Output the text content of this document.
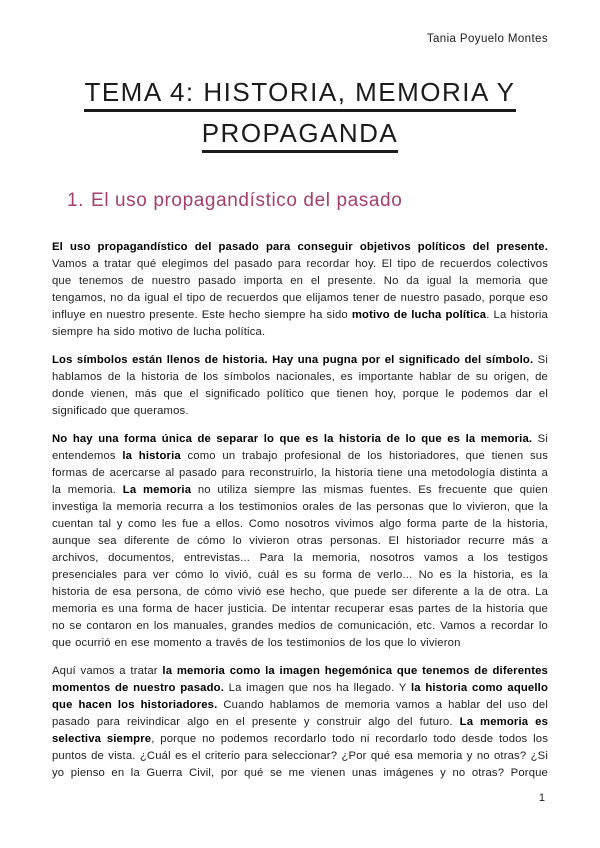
Tania Poyuelo Montes
TEMA 4: HISTORIA, MEMORIA Y
PROPAGANDA
1. El uso propagandístico del pasado

El uso propagandístico del pasado para conseguir objetivos políticos del presente. Vamos a tratar qué elegimos del pasado para recordar hoy. El tipo de recuerdos colectivos que tenemos de nuestro pasado importa en el presente. No da igual la memoria que tengamos, no da igual el tipo de recuerdos que elijamos tener de nuestro pasado, porque eso influye en nuestro presente. Este hecho siempre ha sido motivo de lucha política. La historia siempre ha sido motivo de lucha política.

Los símbolos están llenos de historia. Hay una pugna por el significado del símbolo. Si hablamos de la historia de los símbolos nacionales, es importante hablar de su origen, de donde vienen, más que el significado político que tienen hoy, porque le podemos dar el significado que queramos.

No hay una forma única de separar lo que es la historia de lo que es la memoria. Si entendemos la historia como un trabajo profesional de los historiadores, que tienen sus formas de acercarse al pasado para reconstruirlo, la historia tiene una metodología distinta a la memoria. La memoria no utiliza siempre las mismas fuentes. Es frecuente que quien investiga la memoria recurra a los testimonios orales de las personas que lo vivieron, que la cuentan tal y como les fue a ellos. Como nosotros vivimos algo forma parte de la historia, aunque sea diferente de cómo lo vivieron otras personas. El historiador recurre más a archivos, documentos, entrevistas... Para la memoria, nosotros vamos a los testigos presenciales para ver cómo lo vivió, cuál es su forma de verlo... No es la historia, es la historia de esa persona, de cómo vivió ese hecho, que puede ser diferente a la de otra. La memoria es una forma de hacer justicia. De intentar recuperar esas partes de la historia que no se contaron en los manuales, grandes medios de comunicación, etc. Vamos a recordar lo que ocurrió en ese momento a través de los testimonios de los que lo vivieron

Aquí vamos a tratar la memoria como la imagen hegemónica que tenemos de diferentes momentos de nuestro pasado. La imagen que nos ha llegado. Y la historia como aquello que hacen los historiadores. Cuando hablamos de memoria vamos a hablar del uso del pasado para reivindicar algo en el presente y construir algo del futuro. La memoria es selectiva siempre, porque no podemos recordarlo todo ni recordarlo todo desde todos los puntos de vista. ¿Cuál es el criterio para seleccionar? ¿Por qué esa memoria y no otras? ¿Si yo pienso en la Guerra Civil, por qué se me vienen unas imágenes y no otras? Porque

1
